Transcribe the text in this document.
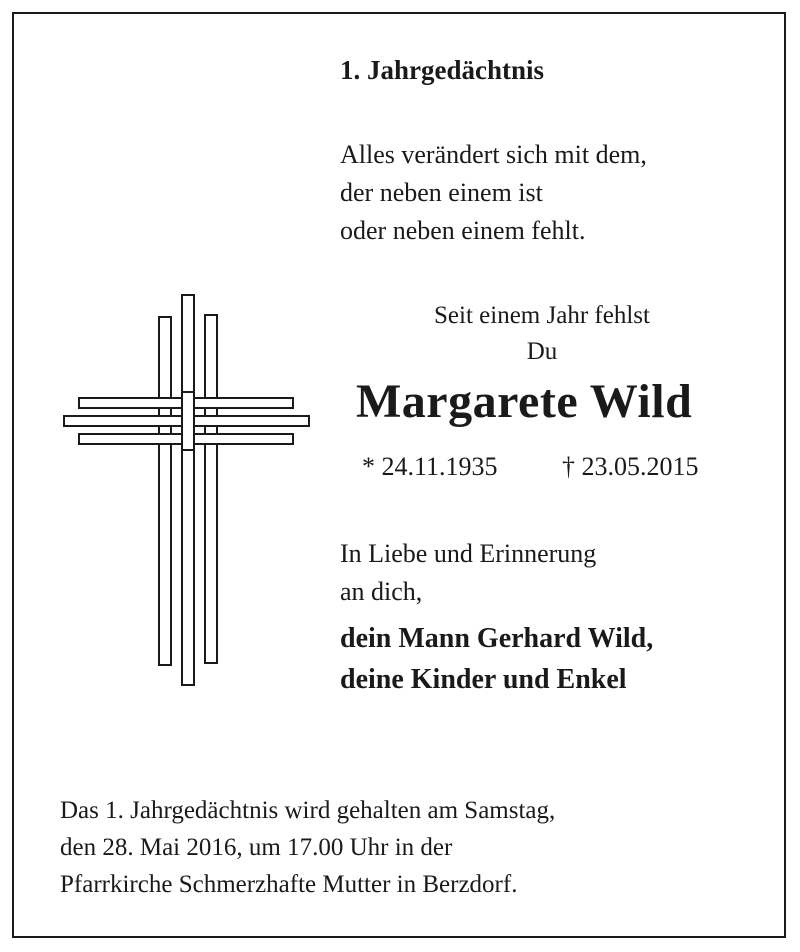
1. Jahrgedächtnis
Alles verändert sich mit dem,
der neben einem ist
oder neben einem fehlt.
Seit einem Jahr fehlst
Du
Margarete Wild
* 24.11.1935 † 23.05.2015
In Liebe und Erinnerung
an dich,
dein Mann Gerhard Wild,
deine Kinder und Enkel
Das 1. Jahrgedächtnis wird gehalten am Samstag,
den 28. Mai 2016, um 17.00 Uhr in der
Pfarrkirche Schmerzhafte Mutter in Berzdorf.
